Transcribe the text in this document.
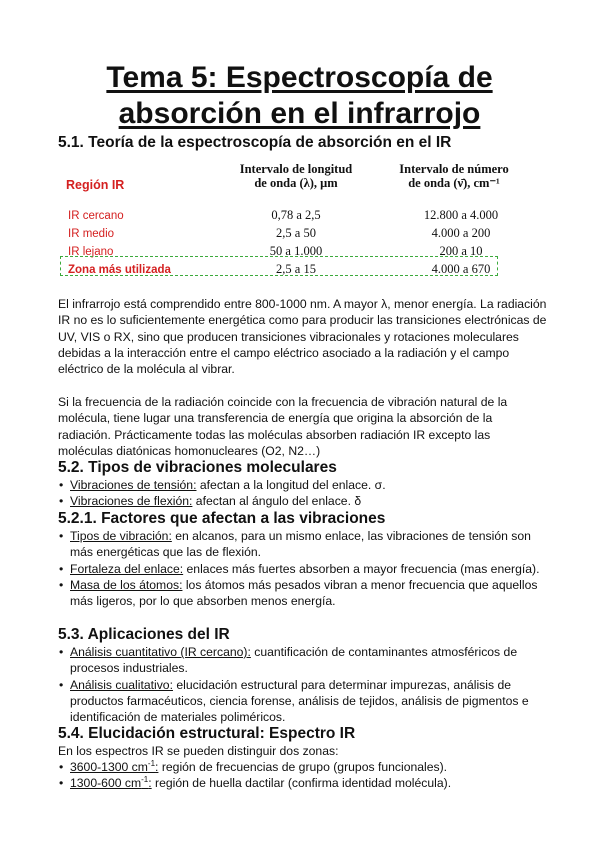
Tema 5: Espectroscopía de
absorción en el infrarrojo
5.1. Teoría de la espectroscopía de absorción en el IR
Región IR
Intervalo de longitud
de onda (λ), μm
Intervalo de número
de onda (ν̄), cm⁻¹
IR cercano	0,78 a 2,5	12.800 a 4.000
IR medio	2,5 a 50	4.000 a 200
IR lejano	50 a 1.000	200 a 10
Zona más utilizada	2,5 a 15	4.000 a 670

El infrarrojo está comprendido entre 800-1000 nm. A mayor λ, menor energía. La radiación IR no es lo suficientemente energética como para producir las transiciones electrónicas de UV, VIS o RX, sino que producen transiciones vibracionales y rotaciones moleculares debidas a la interacción entre el campo eléctrico asociado a la radiación y el campo eléctrico de la molécula al vibrar.

Si la frecuencia de la radiación coincide con la frecuencia de vibración natural de la molécula, tiene lugar una transferencia de energía que origina la absorción de la radiación. Prácticamente todas las moléculas absorben radiación IR excepto las moléculas diatónicas homonucleares (O2, N2…)

5.2. Tipos de vibraciones moleculares
• Vibraciones de tensión: afectan a la longitud del enlace. σ.
• Vibraciones de flexión: afectan al ángulo del enlace. δ
5.2.1. Factores que afectan a las vibraciones
• Tipos de vibración: en alcanos, para un mismo enlace, las vibraciones de tensión son más energéticas que las de flexión.
• Fortaleza del enlace: enlaces más fuertes absorben a mayor frecuencia (mas energía).
• Masa de los átomos: los átomos más pesados vibran a menor frecuencia que aquellos más ligeros, por lo que absorben menos energía.
5.3. Aplicaciones del IR
• Análisis cuantitativo (IR cercano): cuantificación de contaminantes atmosféricos de procesos industriales.
• Análisis cualitativo: elucidación estructural para determinar impurezas, análisis de productos farmacéuticos, ciencia forense, análisis de tejidos, análisis de pigmentos e identificación de materiales poliméricos.
5.4. Elucidación estructural: Espectro IR

En los espectros IR se pueden distinguir dos zonas:

• 3600-1300 $cm^{-1}$: región de frecuencias de grupo (grupos funcionales).
• 1300-600 $cm^{-1}$: región de huella dactilar (confirma identidad molécula).
